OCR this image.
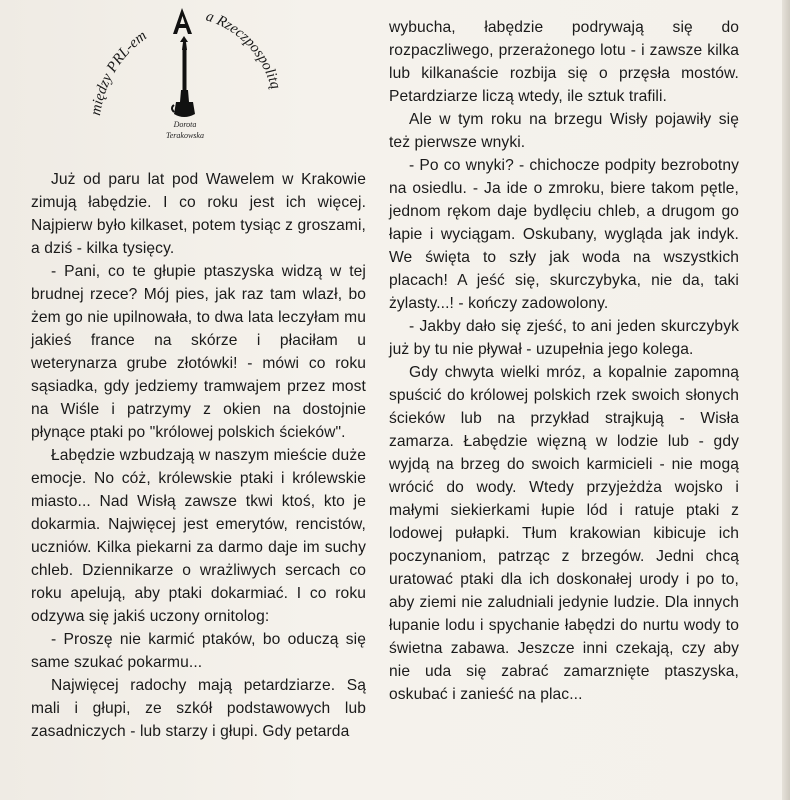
między PRL-em
a Rzeczpospolitą
Dorota
Terakowska

Już od paru lat pod Wawelem w Krakowie zimują łabędzie. I co roku jest ich więcej. Najpierw było kilkaset, potem tysiąc z groszami, a dziś - kilka tysięcy.

- Pani, co te głupie ptaszyska widzą w tej brudnej rzece? Mój pies, jak raz tam wlazł, bo żem go nie upilnowała, to dwa lata leczyłam mu jakieś france na skórze i płaciłam u weterynarza grube złotówki! - mówi co roku sąsiadka, gdy jedziemy tramwajem przez most na Wiśle i patrzymy z okien na dostojnie płynące ptaki po "królowej polskich ścieków".

Łabędzie wzbudzają w naszym mieście duże emocje. No cóż, królewskie ptaki i królewskie miasto... Nad Wisłą zawsze tkwi ktoś, kto je dokarmia. Najwięcej jest emerytów, rencistów, uczniów. Kilka piekarni za darmo daje im suchy chleb. Dziennikarze o wrażliwych sercach co roku apelują, aby ptaki dokarmiać. I co roku odzywa się jakiś uczony ornitolog:

- Proszę nie karmić ptaków, bo oduczą się same szukać pokarmu...

Najwięcej radochy mają petardziarze. Są mali i głupi, ze szkół podstawowych lub zasadniczych - lub starzy i głupi. Gdy petarda

wybucha, łabędzie podrywają się do rozpaczliwego, przerażonego lotu - i zawsze kilka lub kilkanaście rozbija się o przęsła mostów. Petardziarze liczą wtedy, ile sztuk trafili.

Ale w tym roku na brzegu Wisły pojawiły się też pierwsze wnyki.

- Po co wnyki? - chichocze podpity bezrobotny na osiedlu. - Ja ide o zmroku, biere takom pętle, jednom rękom daje bydlęciu chleb, a drugom go łapie i wyciągam. Oskubany, wygląda jak indyk. We święta to szły jak woda na wszystkich placach! A jeść się, skurczybyka, nie da, taki żylasty...! - kończy zadowolony.

- Jakby dało się zjeść, to ani jeden skurczybyk już by tu nie pływał - uzupełnia jego kolega.

Gdy chwyta wielki mróz, a kopalnie zapomną spuścić do królowej polskich rzek swoich słonych ścieków lub na przykład strajkują - Wisła zamarza. Łabędzie więzną w lodzie lub - gdy wyjdą na brzeg do swoich karmicieli - nie mogą wrócić do wody. Wtedy przyjeżdża wojsko i małymi siekierkami łupie lód i ratuje ptaki z lodowej pułapki. Tłum krakowian kibicuje ich poczynaniom, patrząc z brzegów. Jedni chcą uratować ptaki dla ich doskonałej urody i po to, aby ziemi nie zaludniali jedynie ludzie. Dla innych łupanie lodu i spychanie łabędzi do nurtu wody to świetna zabawa. Jeszcze inni czekają, czy aby nie uda się zabrać zamarznięte ptaszyska, oskubać i zanieść na plac...
